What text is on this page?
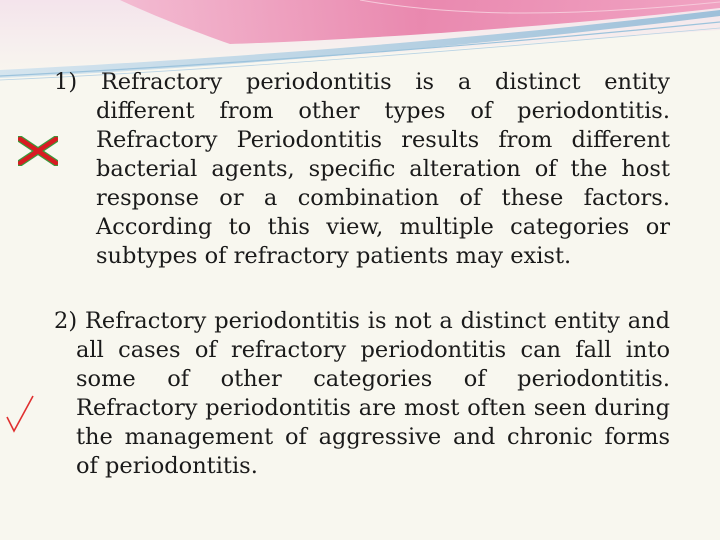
1) Refractory periodontitis is a distinct entity different from other types of periodontitis. Refractory Periodontitis results from different bacterial agents, specific alteration of the host response or a combination of these factors. According to this view, multiple categories or subtypes of refractory patients may exist.
2) Refractory periodontitis is not a distinct entity and all cases of refractory periodontitis can fall into some of other categories of periodontitis. Refractory periodontitis are most often seen during the management of aggressive and chronic forms of periodontitis.
